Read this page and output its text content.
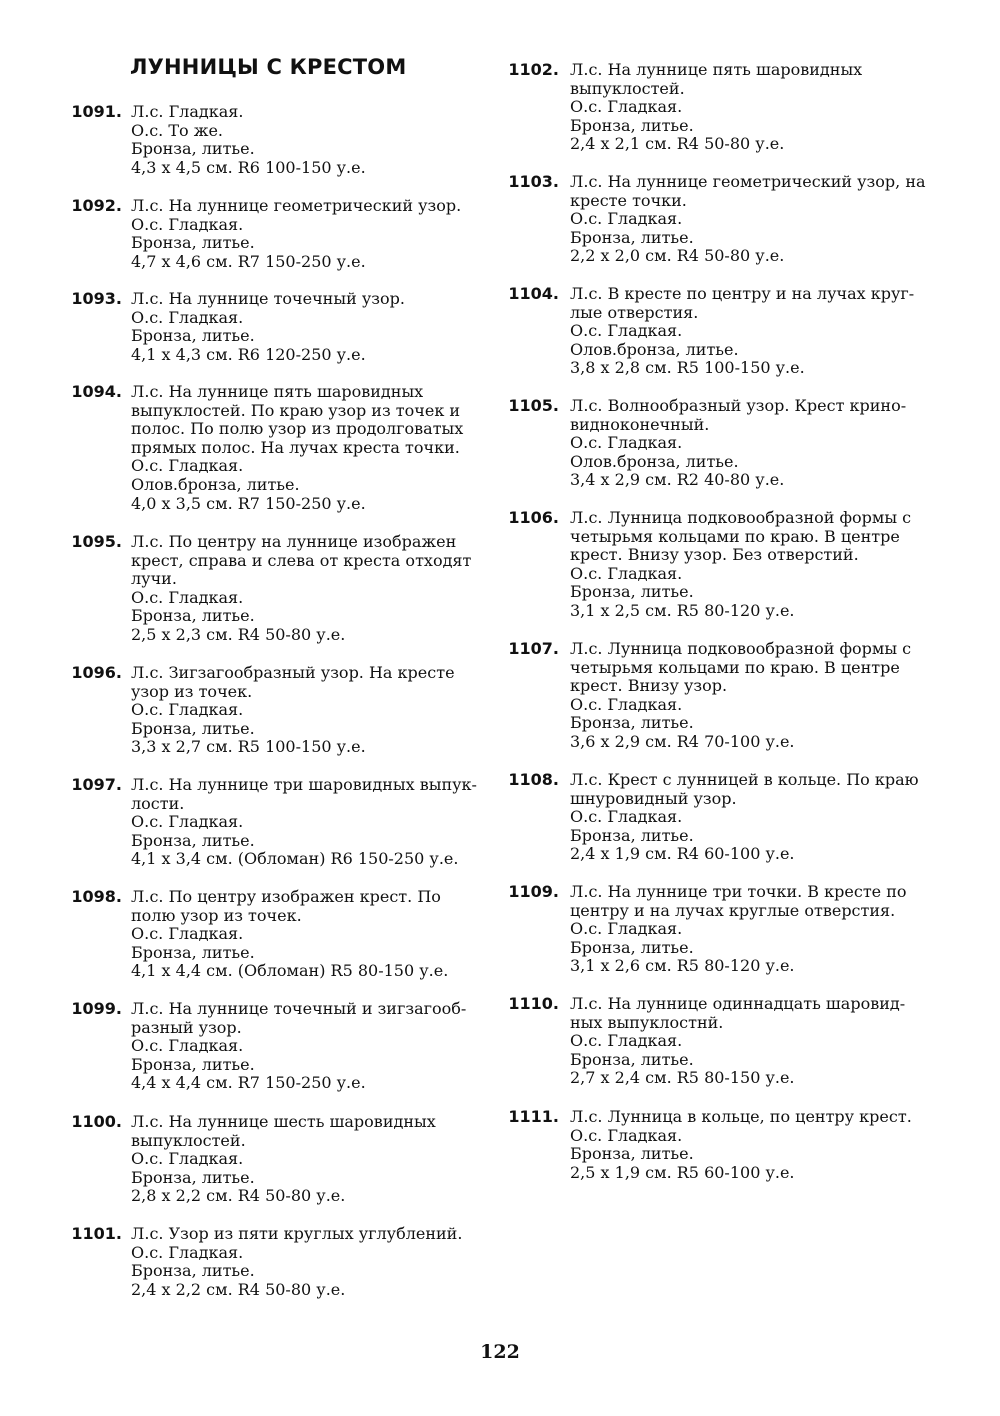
ЛУННИЦЫ С КРЕСТОМ
1091. Л.с. Гладкая.
О.с. То же.
Бронза, литье.
4,3 х 4,5 см. R6 100-150 у.е.
1092. Л.с. На луннице геометрический узор.
О.с. Гладкая.
Бронза, литье.
4,7 х 4,6 см. R7 150-250 у.е.
1093. Л.с. На луннице точечный узор.
О.с. Гладкая.
Бронза, литье.
4,1 х 4,3 см. R6 120-250 у.е.
1094. Л.с. На луннице пять шаровидных
выпуклостей. По краю узор из точек и
полос. По полю узор из продолговатых
прямых полос. На лучах креста точки.
О.с. Гладкая.
Олов.бронза, литье.
4,0 х 3,5 см. R7 150-250 у.е.
1095. Л.с. По центру на луннице изображен
крест, справа и слева от креста отходят
лучи.
О.с. Гладкая.
Бронза, литье.
2,5 х 2,3 см. R4 50-80 у.е.
1096. Л.с. Зигзагообразный узор. На кресте
узор из точек.
О.с. Гладкая.
Бронза, литье.
3,3 х 2,7 см. R5 100-150 у.е.
1097. Л.с. На луннице три шаровидных выпук-
лости.
О.с. Гладкая.
Бронза, литье.
4,1 х 3,4 см. (Обломан) R6 150-250 у.е.
1098. Л.с. По центру изображен крест. По
полю узор из точек.
О.с. Гладкая.
Бронза, литье.
4,1 х 4,4 см. (Обломан) R5 80-150 у.е.
1099. Л.с. На луннице точечный и зигзагооб-
разный узор.
О.с. Гладкая.
Бронза, литье.
4,4 х 4,4 см. R7 150-250 у.е.
1100. Л.с. На луннице шесть шаровидных
выпуклостей.
О.с. Гладкая.
Бронза, литье.
2,8 х 2,2 см. R4 50-80 у.е.
1101. Л.с. Узор из пяти круглых углублений.
О.с. Гладкая.
Бронза, литье.
2,4 х 2,2 см. R4 50-80 у.е.
1102. Л.с. На луннице пять шаровидных
выпуклостей.
О.с. Гладкая.
Бронза, литье.
2,4 х 2,1 см. R4 50-80 у.е.
1103. Л.с. На луннице геометрический узор, на
кресте точки.
О.с. Гладкая.
Бронза, литье.
2,2 х 2,0 см. R4 50-80 у.е.
1104. Л.с. В кресте по центру и на лучах круг-
лые отверстия.
О.с. Гладкая.
Олов.бронза, литье.
3,8 х 2,8 см. R5 100-150 у.е.
1105. Л.с. Волнообразный узор. Крест крино-
видноконечный.
О.с. Гладкая.
Олов.бронза, литье.
3,4 х 2,9 см. R2 40-80 у.е.
1106. Л.с. Лунница подковообразной формы с
четырьмя кольцами по краю. В центре
крест. Внизу узор. Без отверстий.
О.с. Гладкая.
Бронза, литье.
3,1 х 2,5 см. R5 80-120 у.е.
1107. Л.с. Лунница подковообразной формы с
четырьмя кольцами по краю. В центре
крест. Внизу узор.
О.с. Гладкая.
Бронза, литье.
3,6 х 2,9 см. R4 70-100 у.е.
1108. Л.с. Крест с лунницей в кольце. По краю
шнуровидный узор.
О.с. Гладкая.
Бронза, литье.
2,4 х 1,9 см. R4 60-100 у.е.
1109. Л.с. На луннице три точки. В кресте по
центру и на лучах круглые отверстия.
О.с. Гладкая.
Бронза, литье.
3,1 х 2,6 см. R5 80-120 у.е.
1110. Л.с. На луннице одиннадцать шаровид-
ных выпуклостнй.
О.с. Гладкая.
Бронза, литье.
2,7 х 2,4 см. R5 80-150 у.е.
1111. Л.с. Лунница в кольце, по центру крест.
О.с. Гладкая.
Бронза, литье.
2,5 х 1,9 см. R5 60-100 у.е.
122
